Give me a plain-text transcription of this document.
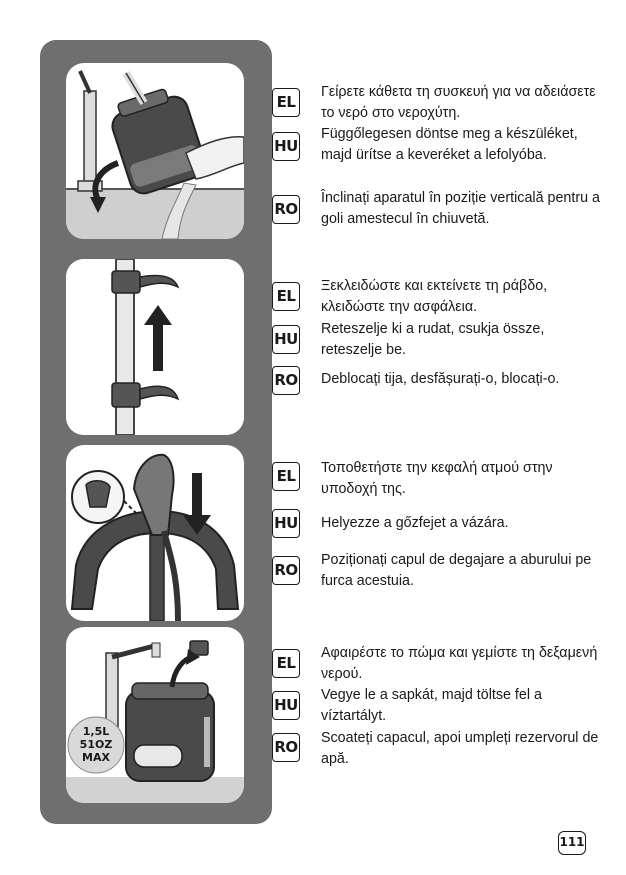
1,5L
51OZ
MAX
EL
Γείρετε κάθετα τη συσκευή για να αδειάσετε το νερό στο νεροχύτη.
HU
Függőlegesen döntse meg a készüléket, majd ürítse a keveréket a lefolyóba.
RO
Înclinați aparatul în poziție verticală pentru a goli amestecul în chiuvetă.
EL
Ξεκλειδώστε και εκτείνετε τη ράβδο, κλειδώστε την ασφάλεια.
HU
Reteszelje ki a rudat, csukja össze, reteszelje be.
RO Deblocați tija, desfășurați-o, blocați-o.
EL	Τοποθετήστε την κεφαλή ατμού στην υποδοχή της.
HU Helyezze a gőzfejet a vázára.
RO
Poziționați capul de degajare a aburului pe furca acestuia.
EL
Αφαιρέστε το πώμα και γεμίστε τη δεξαμενή νερού.
HU
Vegye le a sapkát, majd töltse fel a víztartályt.
RO Scoateți capacul, apoi umpleți rezervorul de apă.
111
